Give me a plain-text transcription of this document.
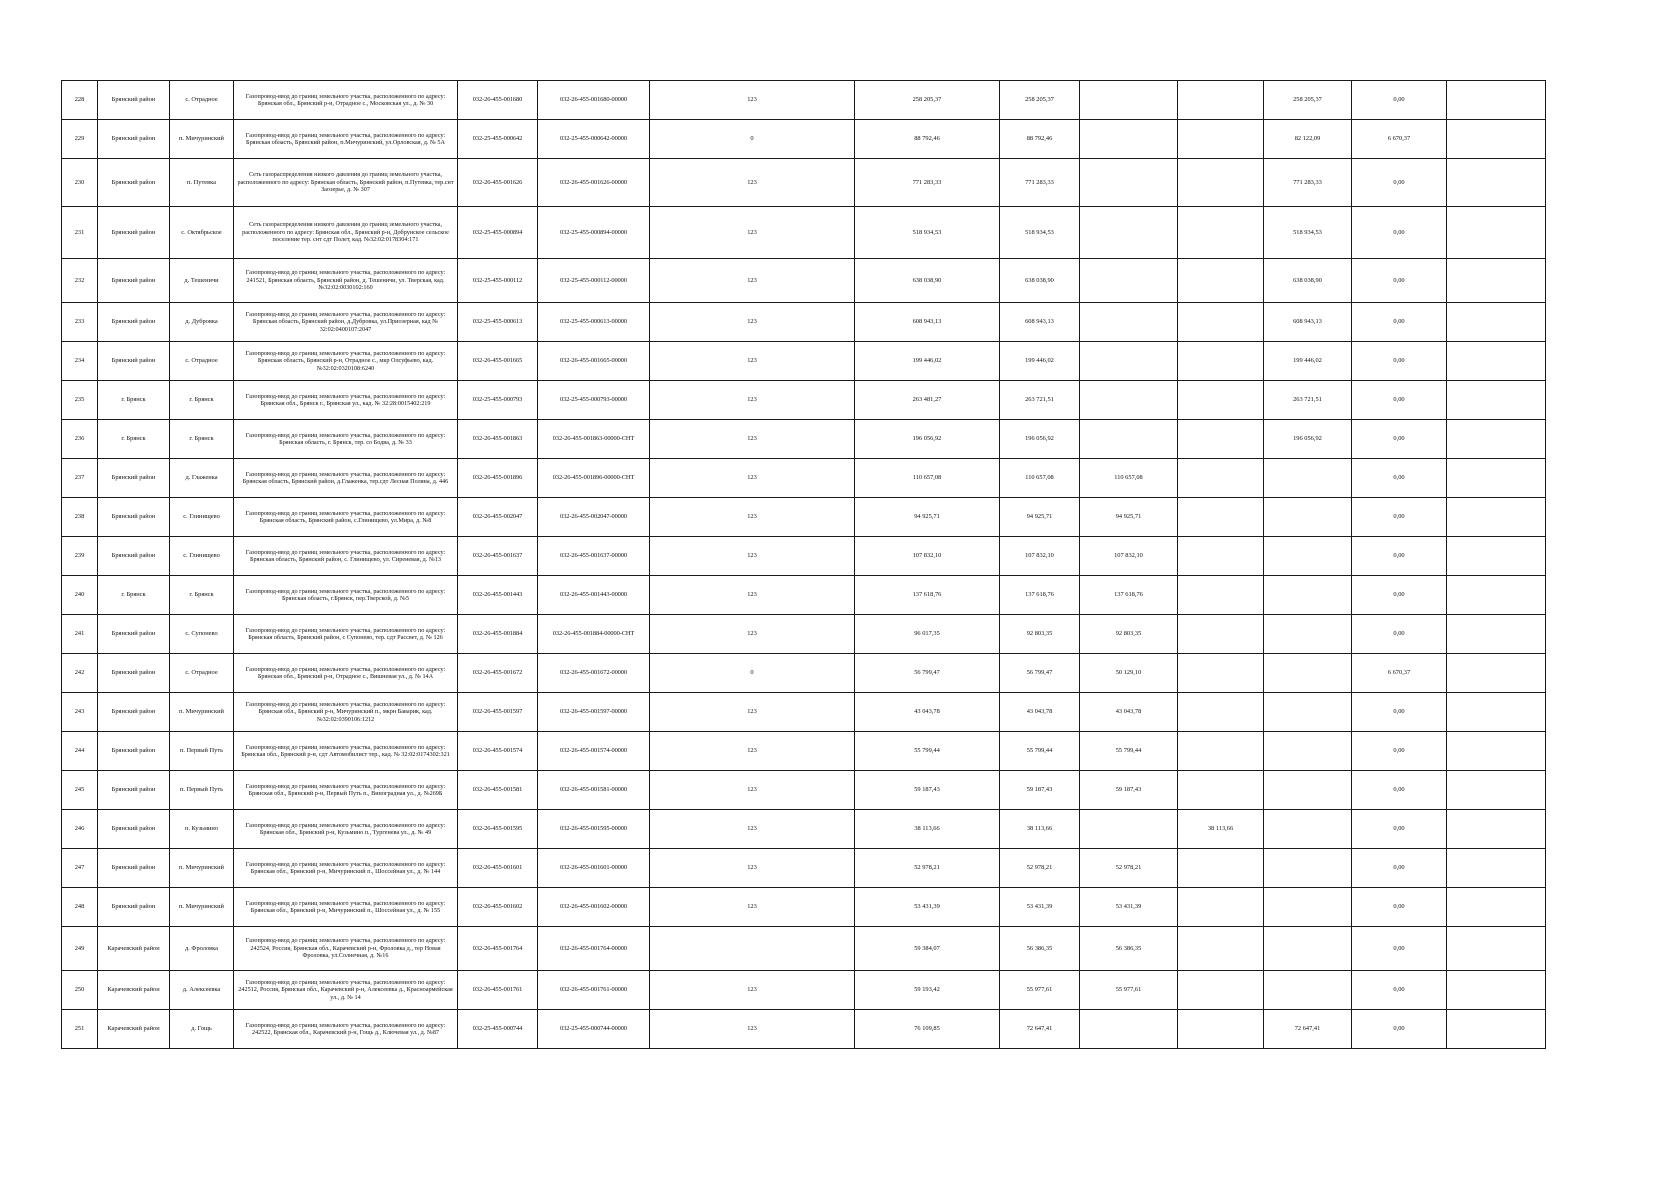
228	Брянский район	с. Отрадное	Газопровод-ввод до границ земельного участка, расположенного по адресу: Брянская обл., Брянский р-н, Отрадное с., Московская ул., д. № 30	032-26-455-001680	032-26-455-001680-00000	123	258 205,37	258 205,37			258 205,37	0,00	
229	Брянский район	п. Мичуринский	Газопровод-ввод до границ земельного участка, расположенного по адресу: Брянская область, Брянский район, п.Мичуринский, ул.Орловская, д. № 5А	032-25-455-000642	032-25-455-000642-00000	0	88 792,46	88 792,46			82 122,09	6 670,37	
230	Брянский район	п. Путевка	Сеть газораспределения низкого давления до границ земельного участка, расположенного по адресу: Брянская область, Брянский район, п.Путевка, тер.снт Заозерье, д. № 307	032-26-455-001626	032-26-455-001626-00000	123	771 283,33	771 283,33			771 283,33	0,00	
231	Брянский район	с. Октябрьское	Сеть газораспределения низкого давления до границ земельного участка, расположенного по адресу: Брянская обл., Брянский р-н, Добрунское сельское поселение тер. снт сдт Полет, кад. №32:02:0178304:171	032-25-455-000894	032-25-455-000894-00000	123	518 934,53	518 934,53			518 934,53	0,00	
232	Брянский район	д. Тешеничи	Газопровод-ввод до границ земельного участка, расположенного по адресу: 241521, Брянская область, Брянский район, д. Тешеничи, ул. Тверская, кад. №32:02:0030102:160	032-25-455-000112	032-25-455-000112-00000	123	638 038,90	638 038,90			638 038,90	0,00	
233	Брянский район	д. Дубровка	Газопровод-ввод до границ земельного участка, расположенного по адресу: Брянская область, Брянский район, д.Дубровка, ул.Приозерная, кад № 32:02:0400107:2047	032-25-455-000613	032-25-455-000613-00000	123	608 943,13	608 943,13			608 943,13	0,00	
234	Брянский район	с. Отрадное	Газопровод-ввод до границ земельного участка, расположенного по адресу: Брянская область, Брянский р-н, Отрадное с., мкр Олсуфьево, кад. №32:02:0320108:6240	032-26-455-001665	032-26-455-001665-00000	123	199 446,02	199 446,02			199 446,02	0,00	
235	г. Брянск	г. Брянск	Газопровод-ввод до границ земельного участка, расположенного по адресу: Брянская обл., Брянск г., Брянская ул., кад. № 32:28:0015402:219	032-25-455-000793	032-25-455-000793-00000	123	263 481,27	263 721,51			263 721,51	0,00	
236	г. Брянск	г. Брянск	Газопровод-ввод до границ земельного участка, расположенного по адресу: Брянская область, г. Брянск, тер. со Бодва, д. № 33	032-26-455-001863	032-26-455-001863-00000-СНТ	123	196 056,92	196 056,92			196 056,92	0,00	
237	Брянский район	д. Глаженка	Газопровод-ввод до границ земельного участка, расположенного по адресу: Брянская область, Брянский район, д.Глаженка, тер.сдт Лесная Поляна, д. 446	032-26-455-001896	032-26-455-001896-00000-СНТ	123	110 657,08	110 657,08	110 657,08			0,00	
238	Брянский район	с. Глинищево	Газопровод-ввод до границ земельного участка, расположенного по адресу: Брянская область, Брянский район, с.Глинищево, ул.Мира, д. №8	032-26-455-002047	032-26-455-002047-00000	123	94 925,71	94 925,71	94 925,71			0,00	
239	Брянский район	с. Глинищево	Газопровод-ввод до границ земельного участка, расположенного по адресу: Брянская область, Брянский район, с. Глинищево, ул. Сиреневая, д. №13	032-26-455-001637	032-26-455-001637-00000	123	107 832,10	107 832,10	107 832,10			0,00	
240	г. Брянск	г. Брянск	Газопровод-ввод до границ земельного участка, расположенного по адресу: Брянская область, г.Брянск, пер.Тверской, д. №5	032-26-455-001443	032-26-455-001443-00000	123	137 618,76	137 618,76	137 618,76			0,00	
241	Брянский район	с. Супонево	Газопровод-ввод до границ земельного участка, расположенного по адресу: Брянская область, Брянский район, с Супонево, тер. сдт Рассвет, д. № 126	032-26-455-001884	032-26-455-001884-00000-СНТ	123	96 017,35	92 803,35	92 803,35			0,00	
242	Брянский район	с. Отрадное	Газопровод-ввод до границ земельного участка, расположенного по адресу: Брянская обл., Брянский р-н, Отрадное с., Вишневая ул., д. № 14А	032-26-455-001672	032-26-455-001672-00000	0	56 799,47	56 799,47	50 129,10			6 670,37	
243	Брянский район	п. Мичуринский	Газопровод-ввод до границ земельного участка, расположенного по адресу: Брянская обл., Брянский р-н, Мичуринский п., мкрн Баварик, кад. №32:02:0390106:1212	032-26-455-001597	032-26-455-001597-00000	123	43 043,78	43 043,78	43 043,78			0,00	
244	Брянский район	п. Первый Путь	Газопровод-ввод до границ земельного участка, расположенного по адресу: Брянская обл., Брянский р-н, сдт Автомобилист тер., кад. № 32:02:0174302:321	032-26-455-001574	032-26-455-001574-00000	123	55 799,44	55 799,44	55 799,44			0,00	
245	Брянский район	п. Первый Путь	Газопровод-ввод до границ земельного участка, расположенного по адресу: Брянская обл., Брянский р-н, Первый Путь п., Виноградная ул., д. №269Б	032-26-455-001581	032-26-455-001581-00000	123	59 187,43	59 187,43	59 187,43			0,00	
246	Брянский район	п. Кузьмино	Газопровод-ввод до границ земельного участка, расположенного по адресу: Брянская обл., Брянский р-н, Кузьмино п., Тургенева ул., д. № 49	032-26-455-001595	032-26-455-001595-00000	123	38 113,66	38 113,66		38 113,66		0,00	
247	Брянский район	п. Мичуринский	Газопровод-ввод до границ земельного участка, расположенного по адресу: Брянская обл., Брянский р-н, Мичуринский п., Шоссейная ул., д. № 144	032-26-455-001601	032-26-455-001601-00000	123	52 978,21	52 978,21	52 978,21			0,00	
248	Брянский район	п. Мичуринский	Газопровод-ввод до границ земельного участка, расположенного по адресу: Брянская обл., Брянский р-н, Мичуринский п., Шоссейная ул., д. № 155	032-26-455-001602	032-26-455-001602-00000	123	53 431,39	53 431,39	53 431,39			0,00	
249	Карачевский район	д. Фроловка	Газопровод-ввод до границ земельного участка, расположенного по адресу: 242524, Россия, Брянская обл., Карачевский р-н, Фроловка д., тер Новая Фроловка, ул.Солнечная, д. №16	032-26-455-001764	032-26-455-001764-00000		59 384,07	56 386,35	56 386,35			0,00	
250	Карачевский район	д. Алексеевка	Газопровод-ввод до границ земельного участка, расположенного по адресу: 242512, Россия, Брянская обл., Карачевский р-н, Алексеевка д., Красноармейская ул., д. № 14	032-26-455-001761	032-26-455-001761-00000	123	59 193,42	55 977,61	55 977,61			0,00	
251	Карачевский район	д. Гощь	Газопровод-ввод до границ земельного участка, расположенного по адресу: 242522, Брянская обл., Карачевский р-н, Гощь д., Ключевая ул., д. №87	032-25-455-000744	032-25-455-000744-00000	123	76 109,85	72 647,41			72 647,41	0,00	
